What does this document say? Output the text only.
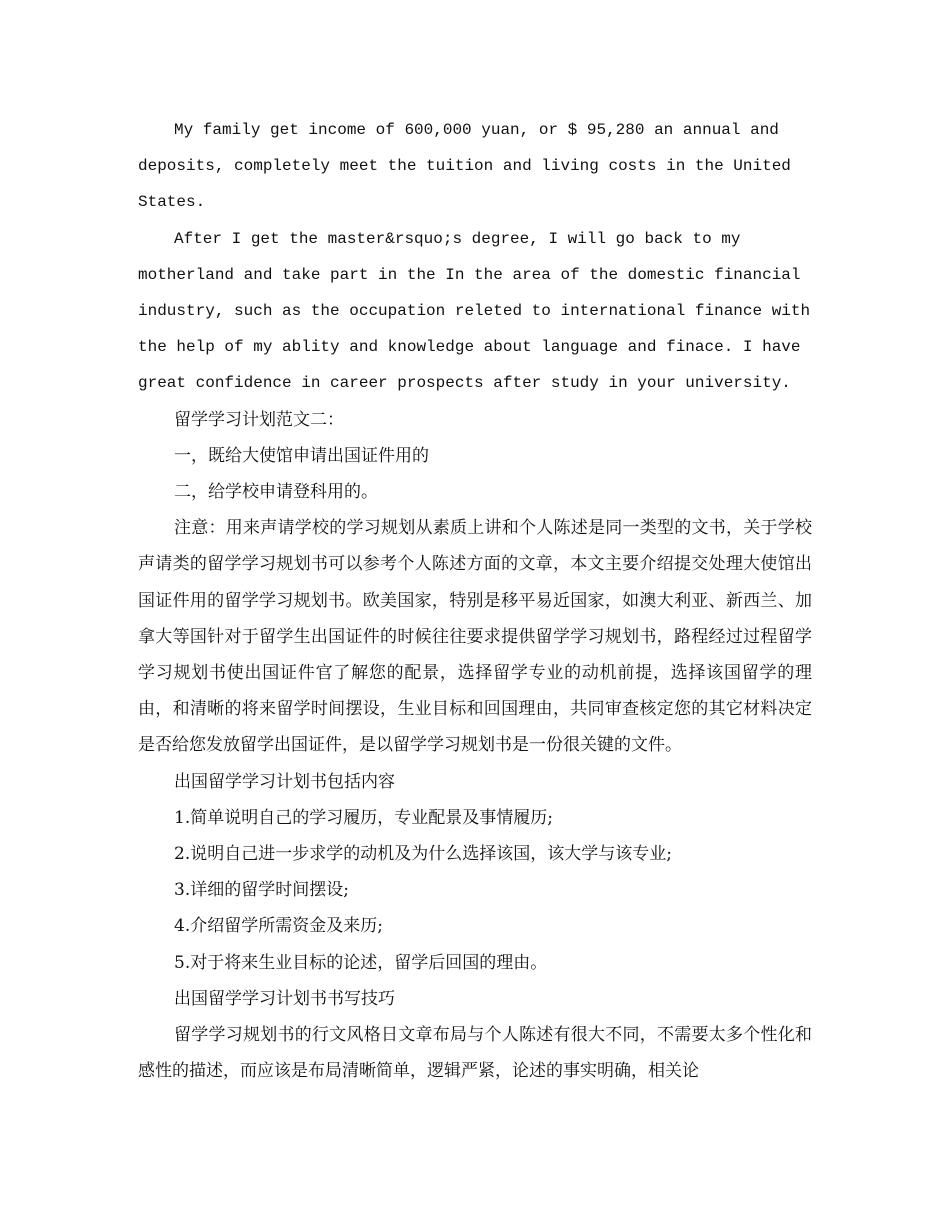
My family get income of 600,000 yuan, or $ 95,280 an annual and deposits, completely meet the tuition and living costs in the United States.

After I get the master&rsquo;s degree, I will go back to my motherland and take part in the In the area of the domestic financial industry, such as the occupation releted to international finance with the help of my ablity and knowledge about language and finace. I have great confidence in career prospects after study in your university.

留学学习计划范文二：

一，既给大使馆申请出国证件用的

二，给学校申请登科用的。

注意：用来声请学校的学习规划从素质上讲和个人陈述是同一类型的文书，关于学校声请类的留学学习规划书可以参考个人陈述方面的文章，本文主要介绍提交处理大使馆出国证件用的留学学习规划书。欧美国家，特别是移平易近国家，如澳大利亚、新西兰、加拿大等国针对于留学生出国证件的时候往往要求提供留学学习规划书，路程经过过程留学学习规划书使出国证件官了解您的配景，选择留学专业的动机前提，选择该国留学的理由，和清晰的将来留学时间摆设，生业目标和回国理由，共同审查核定您的其它材料决定是否给您发放留学出国证件，是以留学学习规划书是一份很关键的文件。

出国留学学习计划书包括内容

1.简单说明自己的学习履历，专业配景及事情履历;

2.说明自己进一步求学的动机及为什么选择该国，该大学与该专业;

3.详细的留学时间摆设;

4.介绍留学所需资金及来历;

5.对于将来生业目标的论述，留学后回国的理由。

出国留学学习计划书书写技巧

留学学习规划书的行文风格日文章布局与个人陈述有很大不同，不需要太多个性化和感性的描述，而应该是布局清晰简单，逻辑严紧，论述的事实明确，相关论
